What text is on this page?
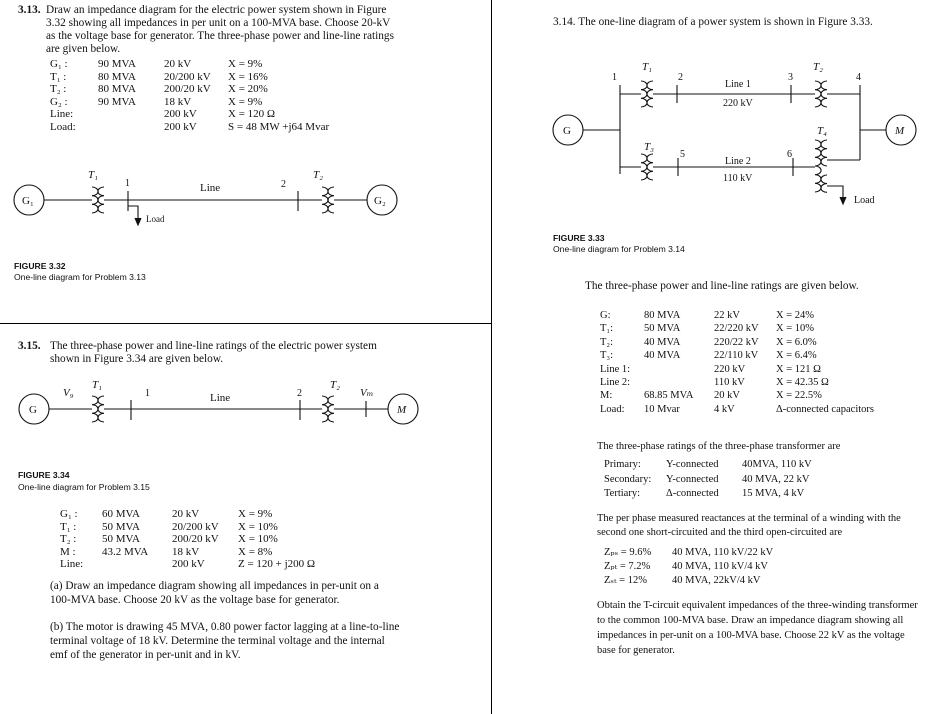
3.13. Draw an impedance diagram for the electric power system shown in Figure
3.32 showing all impedances in per unit on a 100-MVA base. Choose 20-kV
as the voltage base for generator. The three-phase power and line-line ratings
are given below.
G₁ :	90 MVA	20 kV	X = 9%
T₁ :	80 MVA	20/200 kV	X = 16%
T₂ :	80 MVA	200/20 kV	X = 20%
G₂ :	90 MVA	18 kV	X = 9%
Line:		200 kV	X = 120 Ω
Load:		200 kV	S = 48 MW +j64 Mvar
G₁
T₁
1
Load
Line	2
T₂
G₂
FIGURE 3.32
One-line diagram for Problem 3.13
3.15. The three-phase power and line-line ratings of the electric power system
shown in Figure 3.34 are given below.
G
V₉
T₁
1	Line	2
T₂
Vₘ
M
FIGURE 3.34
One-line diagram for Problem 3.15
G₁ :	60 MVA	20 kV	X = 9%
T₁ :	50 MVA	20/200 kV	X = 10%
T₂ :	50 MVA	200/20 kV	X = 10%
M :	43.2 MVA	18 kV	X = 8%
Line:		200 kV	Z = 120 + j200 Ω
(a) Draw an impedance diagram showing all impedances in per-unit on a
100-MVA base. Choose 20 kV as the voltage base for generator.
(b) The motor is drawing 45 MVA, 0.80 power factor lagging at a line-to-line
terminal voltage of 18 kV. Determine the terminal voltage and the internal
emf of the generator in per-unit and in kV.
3.14. The one-line diagram of a power system is shown in Figure 3.33.
G
1
T₁
2
Line 1
220 kV
3
T₂
4
M
T₃
5
Line 2
110 kV
6
T₄
Load
FIGURE 3.33
One-line diagram for Problem 3.14
The three-phase power and line-line ratings are given below.
G:	80 MVA	22 kV	X = 24%
T₁:	50 MVA	22/220 kV	X = 10%
T₂:	40 MVA	220/22 kV	X = 6.0%
T₃:	40 MVA	22/110 kV	X = 6.4%
Line 1:		220 kV	X = 121 Ω
Line 2:		110 kV	X = 42.35 Ω
M:	68.85 MVA	20 kV	X = 22.5%
Load:	10 Mvar	4 kV	Δ-connected capacitors
The three-phase ratings of the three-phase transformer are
Primary:	Y-connected	40MVA, 110 kV
Secondary:	Y-connected	40 MVA, 22 kV
Tertiary:	Δ-connected	15 MVA, 4 kV
The per phase measured reactances at the terminal of a winding with the
second one short-circuited and the third open-circuited are
Zₚₛ = 9.6%	40 MVA, 110 kV/22 kV
Zₚₜ = 7.2%	40 MVA, 110 kV/4 kV
Zₛₜ = 12%	40 MVA, 22kV/4 kV
Obtain the T-circuit equivalent impedances of the three-winding transformer
to the common 100-MVA base. Draw an impedance diagram showing all
impedances in per-unit on a 100-MVA base. Choose 22 kV as the voltage
base for generator.
